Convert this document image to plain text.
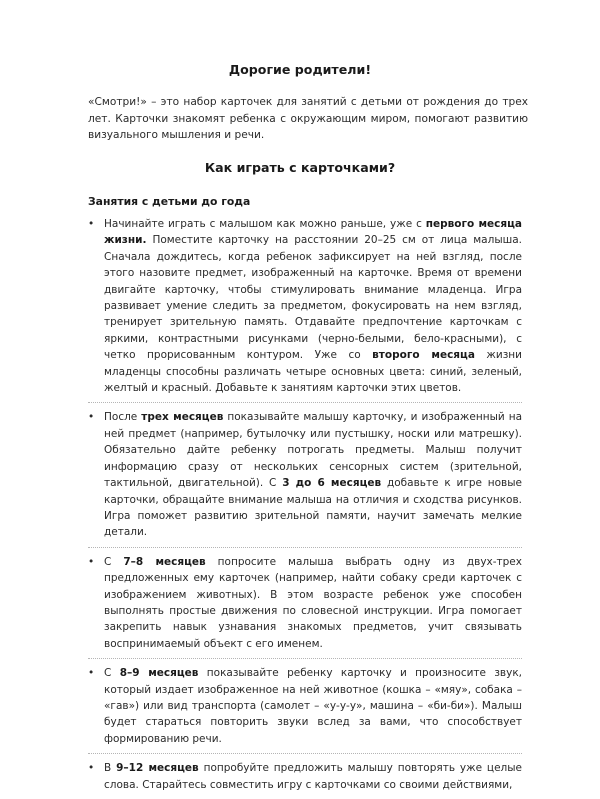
Дорогие родители!

«Смотри!» – это набор карточек для занятий с детьми от рождения до трех лет. Карточки знакомят ребенка с окружающим миром, помогают развитию визуального мышления и речи.

Как играть с карточками?
Занятия с детьми до года
• Начинайте играть с малышом как можно раньше, уже с первого месяца жизни. Поместите карточку на расстоянии 20–25 см от лица малыша. Сначала дождитесь, когда ребенок зафиксирует на ней взгляд, после этого назовите предмет, изображенный на карточке. Время от времени двигайте карточку, чтобы стимулировать внимание младенца. Игра развивает умение следить за предметом, фокусировать на нем взгляд, тренирует зрительную память. Отдавайте предпочтение карточкам с яркими, контрастными рисунками (черно-белыми, бело-красными), с четко прорисованным контуром. Уже со второго месяца жизни младенцы способны различать четыре основных цвета: синий, зеленый, желтый и красный. Добавьте к занятиям карточки этих цветов.
• После трех месяцев показывайте малышу карточку, и изображенный на ней предмет (например, бутылочку или пустышку, носки или матрешку). Обязательно дайте ребенку потрогать предметы. Малыш получит информацию сразу от нескольких сенсорных систем (зрительной, тактильной, двигательной). С 3 до 6 месяцев добавьте к игре новые карточки, обращайте внимание малыша на отличия и сходства рисунков. Игра поможет развитию зрительной памяти, научит замечать мелкие детали.
• С 7–8 месяцев попросите малыша выбрать одну из двух-трех предложенных ему карточек (например, найти собаку среди карточек с изображением животных). В этом возрасте ребенок уже способен выполнять простые движения по словесной инструкции. Игра помогает закрепить навык узнавания знакомых предметов, учит связывать воспринимаемый объект с его именем.
• С 8–9 месяцев показывайте ребенку карточку и произносите звук, который издает изображенное на ней животное (кошка – «мяу», собака – «гав») или вид транспорта (самолет – «у-у-у», машина – «би-би»). Малыш будет стараться повторить звуки вслед за вами, что способствует формированию речи.
• В 9–12 месяцев попробуйте предложить малышу повторять уже целые слова. Старайтесь совместить игру с карточками со своими действиями,
